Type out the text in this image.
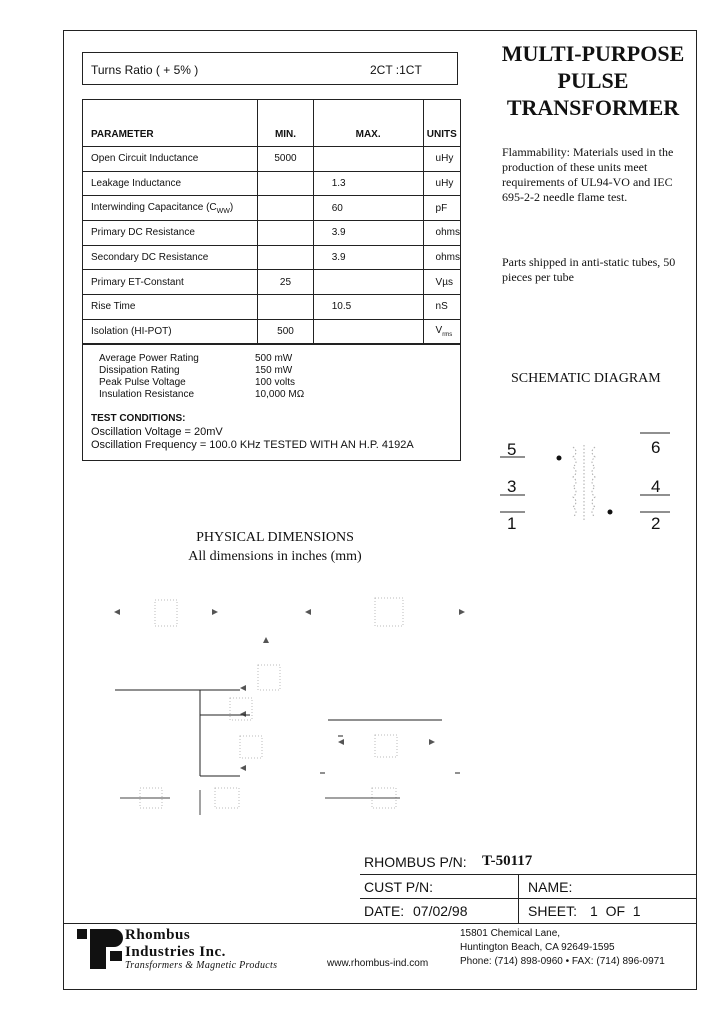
Turns Ratio ( + 5% )	2CT :1CT
PARAMETER	MIN.	MAX.	UNITS
Open Circuit Inductance	5000		uHy
Leakage Inductance		1.3	uHy
Interwinding Capacitance $(C_{WW})$		60	pF
Primary DC Resistance		3.9	ohms
Secondary DC Resistance		3.9	ohms
Primary ET-Constant	25		Vµs
Rise Time		10.5	nS
Isolation (HI-POT)	500		$V_{rms}$
Average Power Rating	500 mW
Dissipation Rating	150 mW
Peak Pulse Voltage	100 volts
Insulation Resistance	10,000 MΩ
TEST CONDITIONS:
Oscillation Voltage = 20mV
Oscillation Frequency = 100.0 KHz TESTED WITH AN H.P. 4192A
MULTI-PURPOSE
PULSE
TRANSFORMER
Flammability: Materials used in the production of these units meet requirements of UL94-VO and IEC 695-2-2 needle flame test.
Parts shipped in anti-static tubes, 50 pieces per tube
SCHEMATIC DIAGRAM
5
3
1
6
4
2
PHYSICAL DIMENSIONS
All dimensions in inches (mm)
RHOMBUS P/N: T-50117
CUST P/N:	NAME:
DATE: 07/02/98	SHEET: 1  OF  1
Rhombus
Industries Inc.
Transformers & Magnetic Products	www.rhombus-ind.com
15801 Chemical Lane,
Huntington Beach, CA 92649-1595
Phone: (714) 898-0960 • FAX: (714) 896-0971
